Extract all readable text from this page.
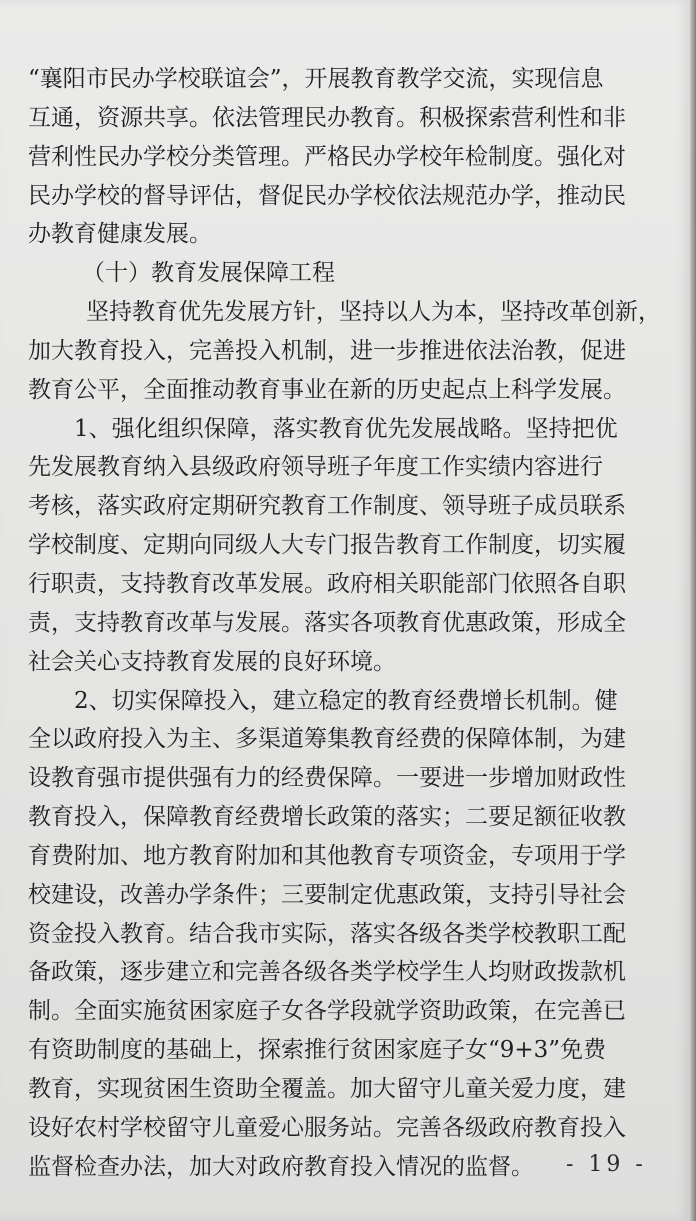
“襄阳市民办学校联谊会”，开展教育教学交流，实现信息
互通，资源共享。依法管理民办教育。积极探索营利性和非
营利性民办学校分类管理。严格民办学校年检制度。强化对
民办学校的督导评估，督促民办学校依法规范办学，推动民
办教育健康发展。
（十）教育发展保障工程
坚持教育优先发展方针，坚持以人为本，坚持改革创新，
加大教育投入，完善投入机制，进一步推进依法治教，促进
教育公平，全面推动教育事业在新的历史起点上科学发展。
1、强化组织保障，落实教育优先发展战略。坚持把优
先发展教育纳入县级政府领导班子年度工作实绩内容进行
考核，落实政府定期研究教育工作制度、领导班子成员联系
学校制度、定期向同级人大专门报告教育工作制度，切实履
行职责，支持教育改革发展。政府相关职能部门依照各自职
责，支持教育改革与发展。落实各项教育优惠政策，形成全
社会关心支持教育发展的良好环境。
2、切实保障投入，建立稳定的教育经费增长机制。健
全以政府投入为主、多渠道筹集教育经费的保障体制，为建
设教育强市提供强有力的经费保障。一要进一步增加财政性
教育投入，保障教育经费增长政策的落实；二要足额征收教
育费附加、地方教育附加和其他教育专项资金，专项用于学
校建设，改善办学条件；三要制定优惠政策，支持引导社会
资金投入教育。结合我市实际，落实各级各类学校教职工配
备政策，逐步建立和完善各级各类学校学生人均财政拨款机
制。全面实施贫困家庭子女各学段就学资助政策，在完善已
有资助制度的基础上，探索推行贫困家庭子女“9+3”免费
教育，实现贫困生资助全覆盖。加大留守儿童关爱力度，建
设好农村学校留守儿童爱心服务站。完善各级政府教育投入
监督检查办法，加大对政府教育投入情况的监督。	- 19 -
